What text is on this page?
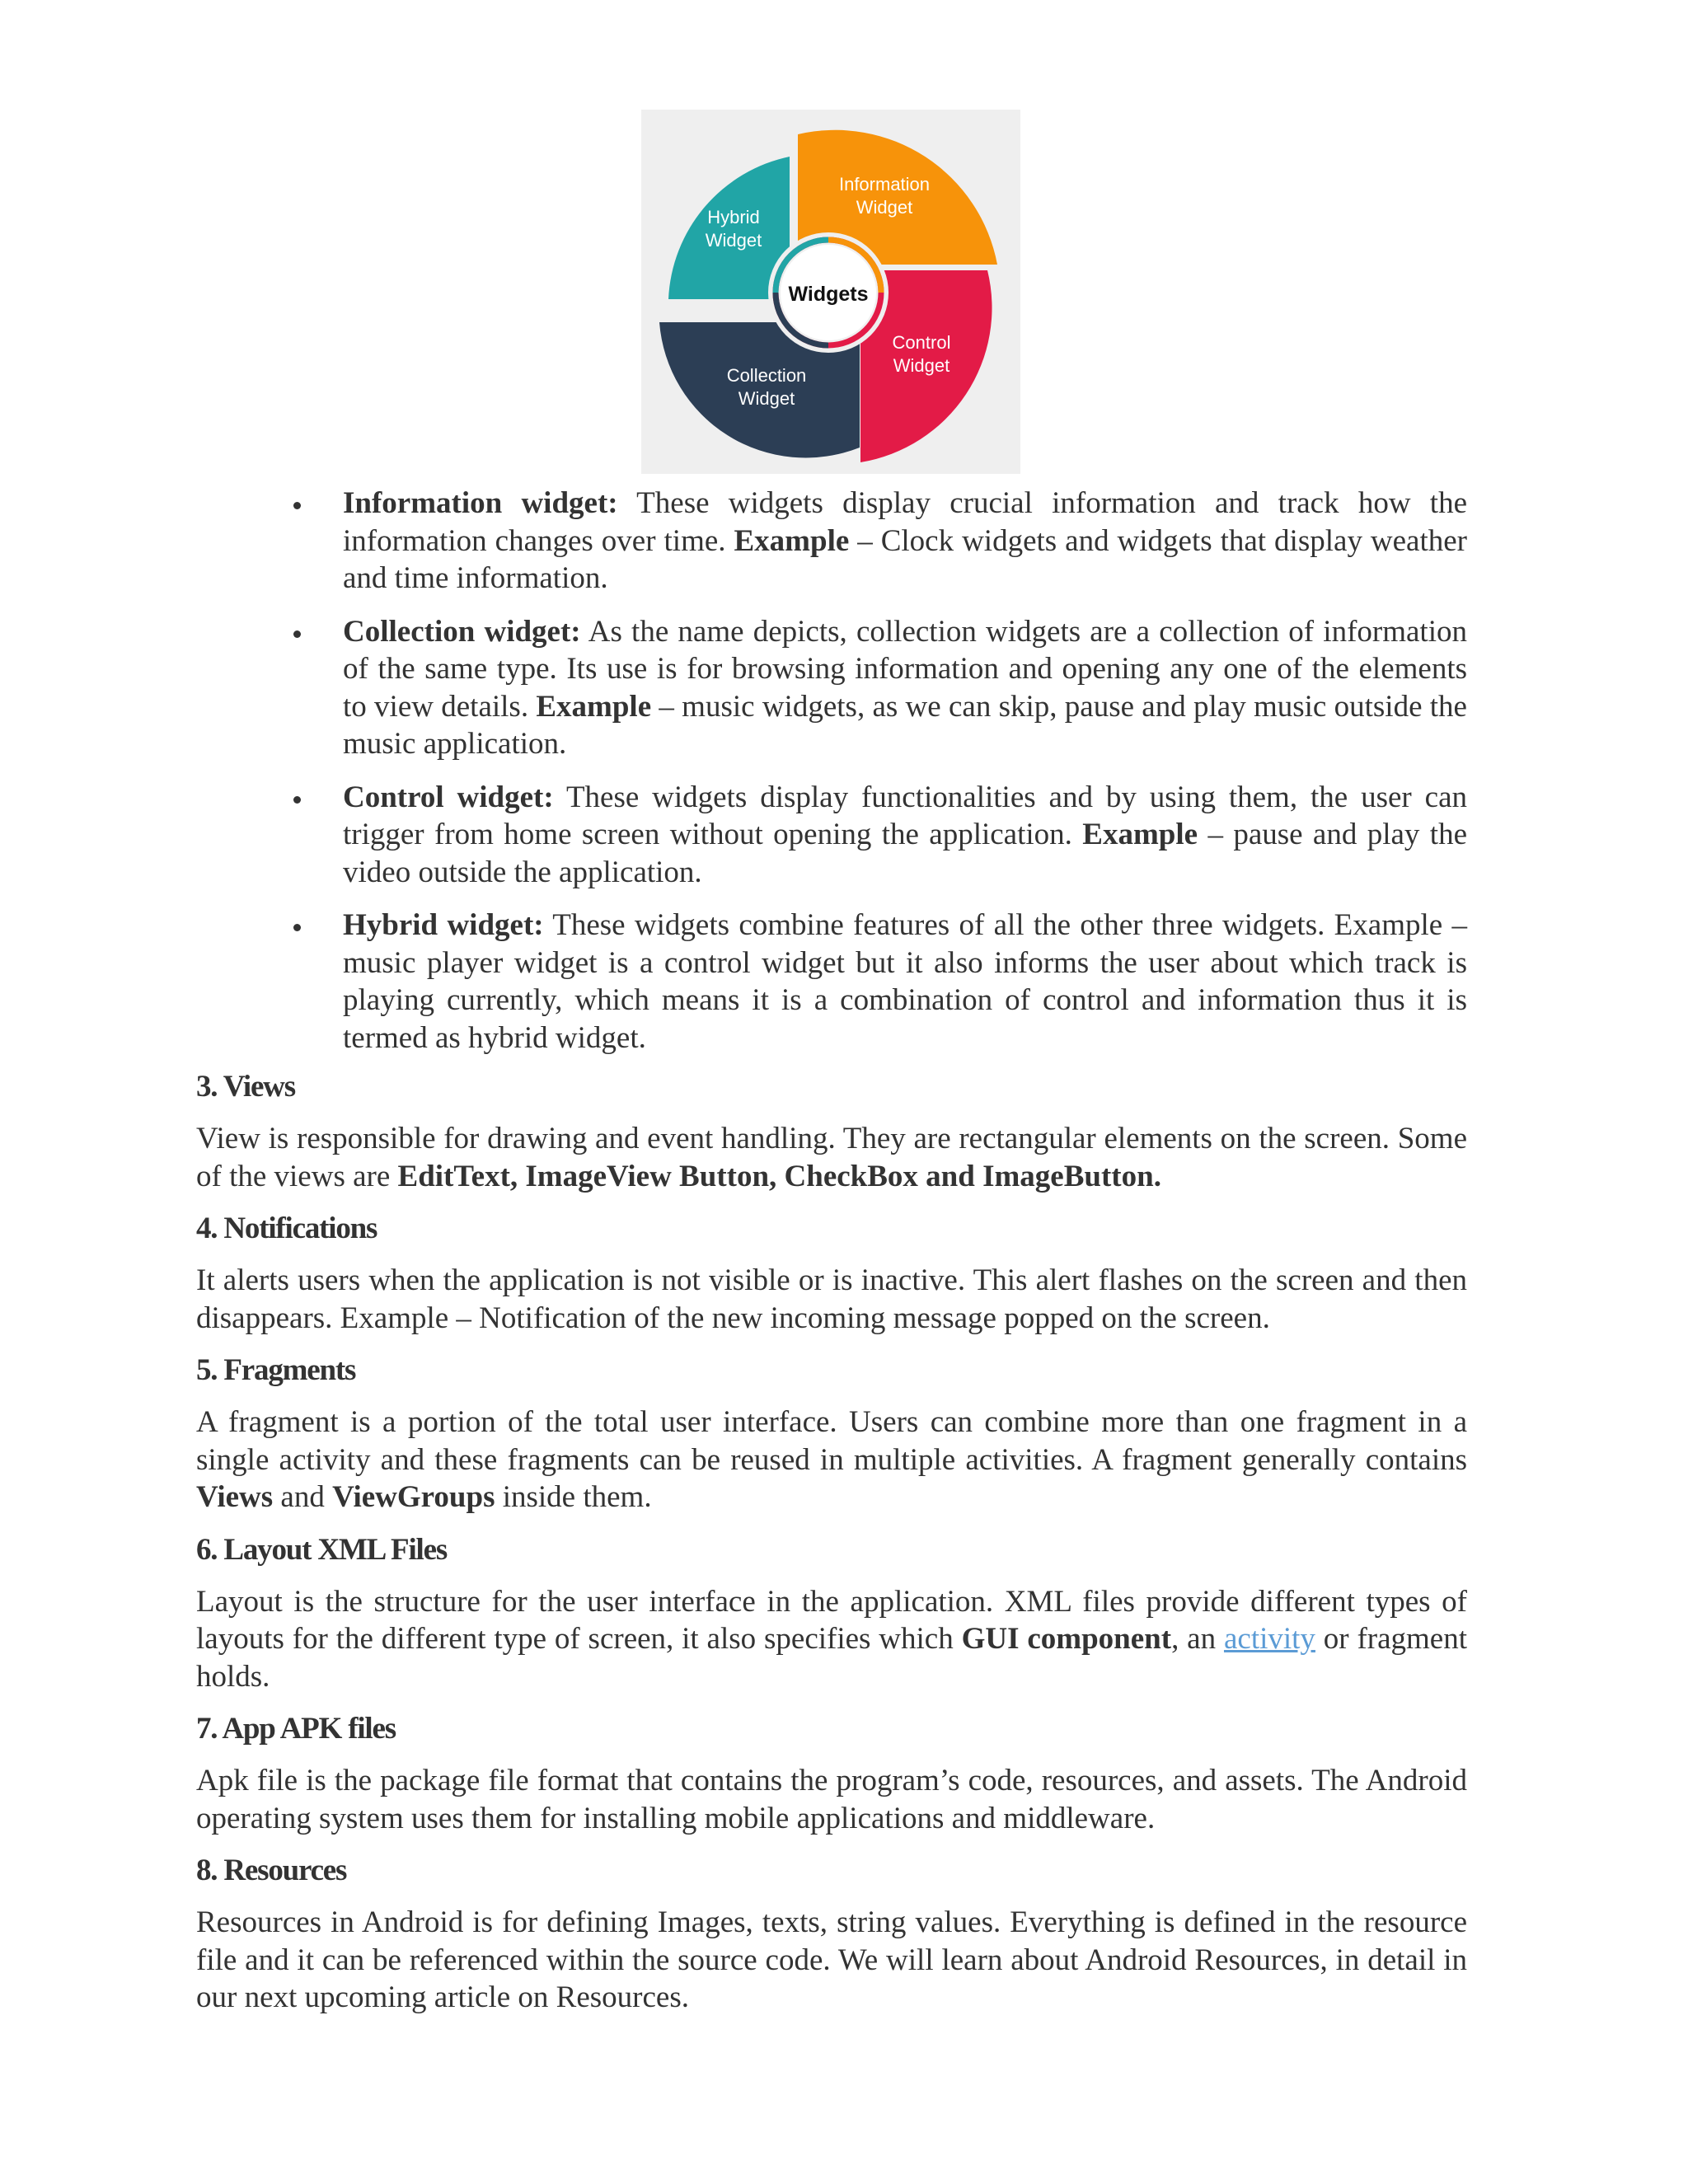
Widgets
Information Widget
Hybrid Widget
Control Widget
Collection Widget
Information widget: These widgets display crucial information and track how the information changes over time. Example – Clock widgets and widgets that display weather and time information.
Collection widget: As the name depicts, collection widgets are a collection of information of the same type. Its use is for browsing information and opening any one of the elements to view details. Example – music widgets, as we can skip, pause and play music outside the music application.
Control widget: These widgets display functionalities and by using them, the user can trigger from home screen without opening the application. Example – pause and play the video outside the application.
Hybrid widget: These widgets combine features of all the other three widgets. Example – music player widget is a control widget but it also informs the user about which track is playing currently, which means it is a combination of control and information thus it is termed as hybrid widget.
3. Views

View is responsible for drawing and event handling. They are rectangular elements on the screen. Some of the views are EditText, ImageView Button, CheckBox and ImageButton.

4. Notifications

It alerts users when the application is not visible or is inactive. This alert flashes on the screen and then disappears. Example – Notification of the new incoming message popped on the screen.

5. Fragments

A fragment is a portion of the total user interface. Users can combine more than one fragment in a single activity and these fragments can be reused in multiple activities. A fragment generally contains Views and ViewGroups inside them.

6. Layout XML Files

Layout is the structure for the user interface in the application. XML files provide different types of layouts for the different type of screen, it also specifies which GUI component, an activity or fragment holds.

7. App APK files

Apk file is the package file format that contains the program’s code, resources, and assets. The Android operating system uses them for installing mobile applications and middleware.

8. Resources

Resources in Android is for defining Images, texts, string values. Everything is defined in the resource file and it can be referenced within the source code. We will learn about Android Resources, in detail in our next upcoming article on Resources.
